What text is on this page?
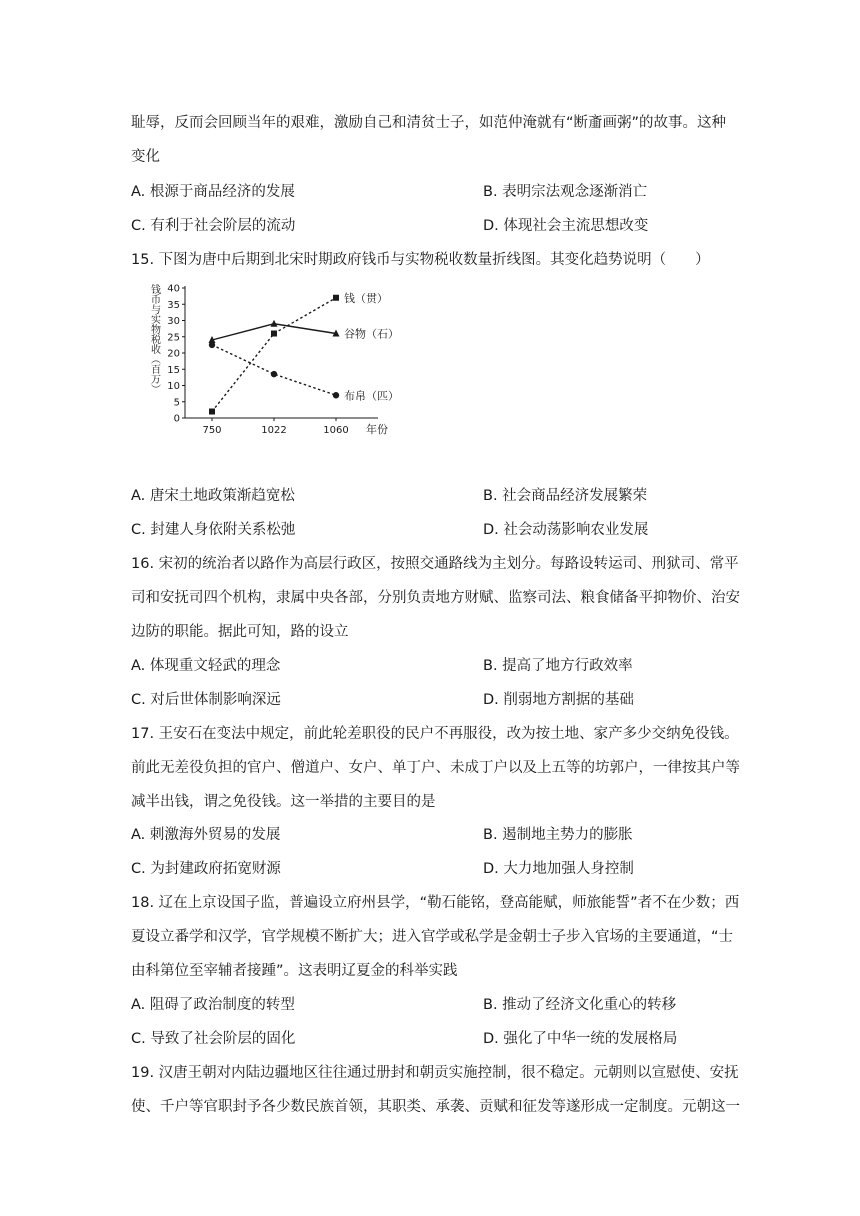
耻辱，反而会回顾当年的艰难，激励自己和清贫士子，如范仲淹就有“断齑画粥”的故事。这种
变化
A. 根源于商品经济的发展	B. 表明宗法观念逐渐消亡
C. 有利于社会阶层的流动	D. 体现社会主流思想改变
15. 下图为唐中后期到北宋时期政府钱币与实物税收数量折线图。其变化趋势说明（　　）
钱币与实物税收（百万）
0
5
10
15
20
25
30
35
40
750	1022	1060 年份
钱（贯）
谷物（石）
布帛（匹）
A. 唐宋土地政策渐趋宽松	B. 社会商品经济发展繁荣
C. 封建人身依附关系松弛	D. 社会动荡影响农业发展
16. 宋初的统治者以路作为高层行政区，按照交通路线为主划分。每路设转运司、刑狱司、常平
司和安抚司四个机构，隶属中央各部，分别负责地方财赋、监察司法、粮食储备平抑物价、治安
边防的职能。据此可知，路的设立
A. 体现重文轻武的理念	B. 提高了地方行政效率
C. 对后世体制影响深远	D. 削弱地方割据的基础
17. 王安石在变法中规定，前此轮差职役的民户不再服役，改为按土地、家产多少交纳免役钱。
前此无差役负担的官户、僧道户、女户、单丁户、未成丁户以及上五等的坊郭户，一律按其户等
减半出钱，谓之免役钱。这一举措的主要目的是
A. 刺激海外贸易的发展	B. 遏制地主势力的膨胀
C. 为封建政府拓宽财源	D. 大力地加强人身控制
18. 辽在上京设国子监，普遍设立府州县学，“勒石能铭，登高能赋，师旅能誓”者不在少数；西
夏设立番学和汉学，官学规模不断扩大；进入官学或私学是金朝士子步入官场的主要通道，“士
由科第位至宰辅者接踵”。这表明辽夏金的科举实践
A. 阻碍了政治制度的转型	B. 推动了经济文化重心的转移
C. 导致了社会阶层的固化	D. 强化了中华一统的发展格局
19. 汉唐王朝对内陆边疆地区往往通过册封和朝贡实施控制，很不稳定。元朝则以宣慰使、安抚
使、千户等官职封予各少数民族首领，其职类、承袭、贡赋和征发等遂形成一定制度。元朝这一
